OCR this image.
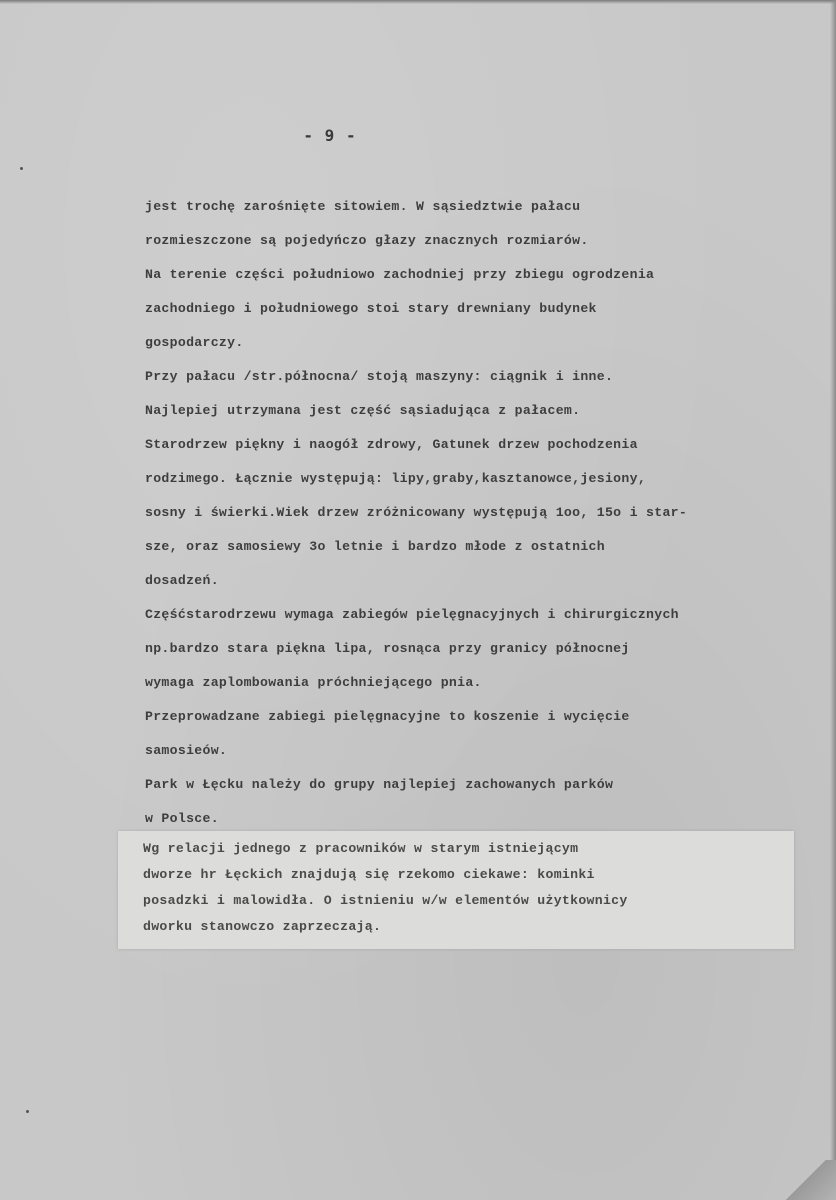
- 9 -
jest trochę zarośnięte sitowiem. W sąsiedztwie pałacu
rozmieszczone są pojedyńczo głazy znacznych rozmiarów.
Na terenie części południowo zachodniej przy zbiegu ogrodzenia
zachodniego i południowego stoi stary drewniany budynek
gospodarczy.
Przy pałacu /str.północna/ stoją maszyny: ciągnik i inne.
Najlepiej utrzymana jest część sąsiadująca z pałacem.
Starodrzew piękny i naogół zdrowy, Gatunek drzew pochodzenia
rodzimego. Łącznie występują: lipy,graby,kasztanowce,jesiony,
sosny i świerki.Wiek drzew zróżnicowany występują 1oo, 15o i star-
sze, oraz samosiewy 3o letnie i bardzo młode z ostatnich
dosadzeń.
Częśćstarodrzewu wymaga zabiegów pielęgnacyjnych i chirurgicznych
np.bardzo stara piękna lipa, rosnąca przy granicy północnej
wymaga zaplombowania próchniejącego pnia.
Przeprowadzane zabiegi pielęgnacyjne to koszenie i wycięcie
samosieów.
Park w Łęcku należy do grupy najlepiej zachowanych parków
w Polsce.
Wg relacji jednego z pracowników w starym istniejącym
dworze hr Łęckich znajdują się rzekomo ciekawe: kominki
posadzki i malowidła. O istnieniu w/w elementów użytkownicy
dworku stanowczo zaprzeczają.
